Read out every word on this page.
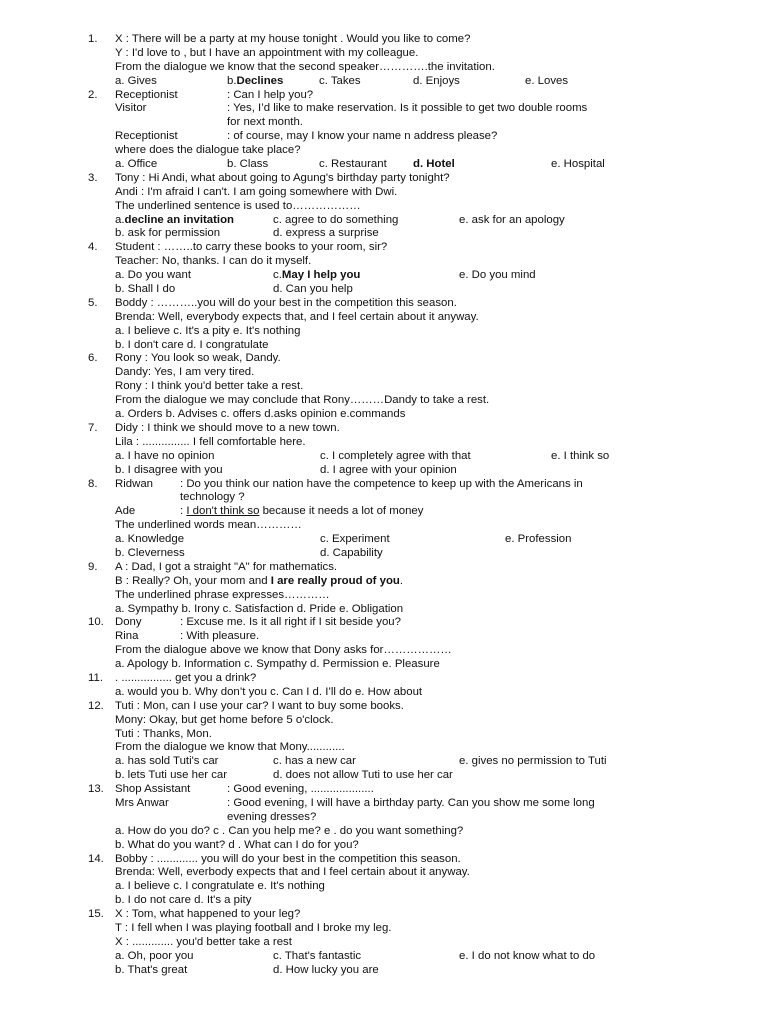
1. X : There will be a party at my house tonight . Would you like to come?
Y : I'd love to , but I have an appointment with my colleague.
From the dialogue we know that the second speaker………….the invitation.
a. Gives	b. Declines	c. Takes	d. Enjoys	e. Loves
2. Receptionist	: Can I help you?
Visitor	: Yes, I’d like to make reservation. Is it possible to get two double rooms
for next month.
Receptionist	: of course, may I know your name n address please?
where does the dialogue take place?
a. Office	b. Class	c. Restaurant d. Hotel	e. Hospital
3. Tony : Hi Andi, what about going to Agung's birthday party tonight?
Andi : I'm afraid I can't. I am going somewhere with Dwi.
The underlined sentence is used to………………
a. decline an invitation	c. agree to do something	e. ask for an apology
b. ask for permission	d. express a surprise
4. Student : ……..to carry these books to your room, sir?
Teacher: No, thanks. I can do it myself.
a. Do you want	c. May I help you	e. Do you mind
b. Shall I do	d. Can you help
5. Boddy : ………..you will do your best in the competition this season.
Brenda: Well, everybody expects that, and I feel certain about it anyway.
a. I believe c. It's a pity e. It's nothing
b. I don't care d. I congratulate
6. Rony : You look so weak, Dandy.
Dandy: Yes, I am very tired.
Rony : I think you'd better take a rest.
From the dialogue we may conclude that Rony………Dandy to take a rest.
a. Orders b. Advises c. offers d.asks opinion e.commands
7. Didy : I think we should move to a new town.
Lila : ............... I fell comfortable here.
a. I have no opinion	c. I completely agree with that	e. I think so
b. I disagree with you	d. I agree with your opinion
8. Ridwan : Do you think our nation have the competence to keep up with the Americans in
technology ?
Ade	: I don't think so because it needs a lot of money
The underlined words mean…………
a. Knowledge	c. Experiment	e. Profession
b. Cleverness	d. Capability
9. A : Dad, I got a straight "A" for mathematics.
B : Really? Oh, your mom and I are really proud of you.
The underlined phrase expresses…………
a. Sympathy b. Irony c. Satisfaction d. Pride e. Obligation
10. Dony	: Excuse me. Is it all right if I sit beside you?
Rina	: With pleasure.
From the dialogue above we know that Dony asks for………………
a. Apology b. Information c. Sympathy d. Permission e. Pleasure
11. . ................ get you a drink?
a. would you b. Why don’t you c. Can I d. I’ll do e. How about
12. Tuti : Mon, can I use your car? I want to buy some books.
Mony: Okay, but get home before 5 o'clock.
Tuti : Thanks, Mon.
From the dialogue we know that Mony............
a. has sold Tuti's car	c. has a new car	e. gives no permission to Tuti
b. lets Tuti use her car	d. does not allow Tuti to use her car
13. Shop Assistant	: Good evening, ....................
Mrs Anwar	: Good evening, I will have a birthday party. Can you show me some long
evening dresses?
a. How do you do? c . Can you help me? e . do you want something?
b. What do you want? d . What can I do for you?
14. Bobby : ............. you will do your best in the competition this season.
Brenda: Well, everbody expects that and I feel certain about it anyway.
a. I believe c. I congratulate e. It's nothing
b. I do not care d. It's a pity
15. X : Tom, what happened to your leg?
T : I fell when I was playing football and I broke my leg.
X : ............. you'd better take a rest
a. Oh, poor you	c. That's fantastic	e. I do not know what to do
b. That's great	d. How lucky you are
